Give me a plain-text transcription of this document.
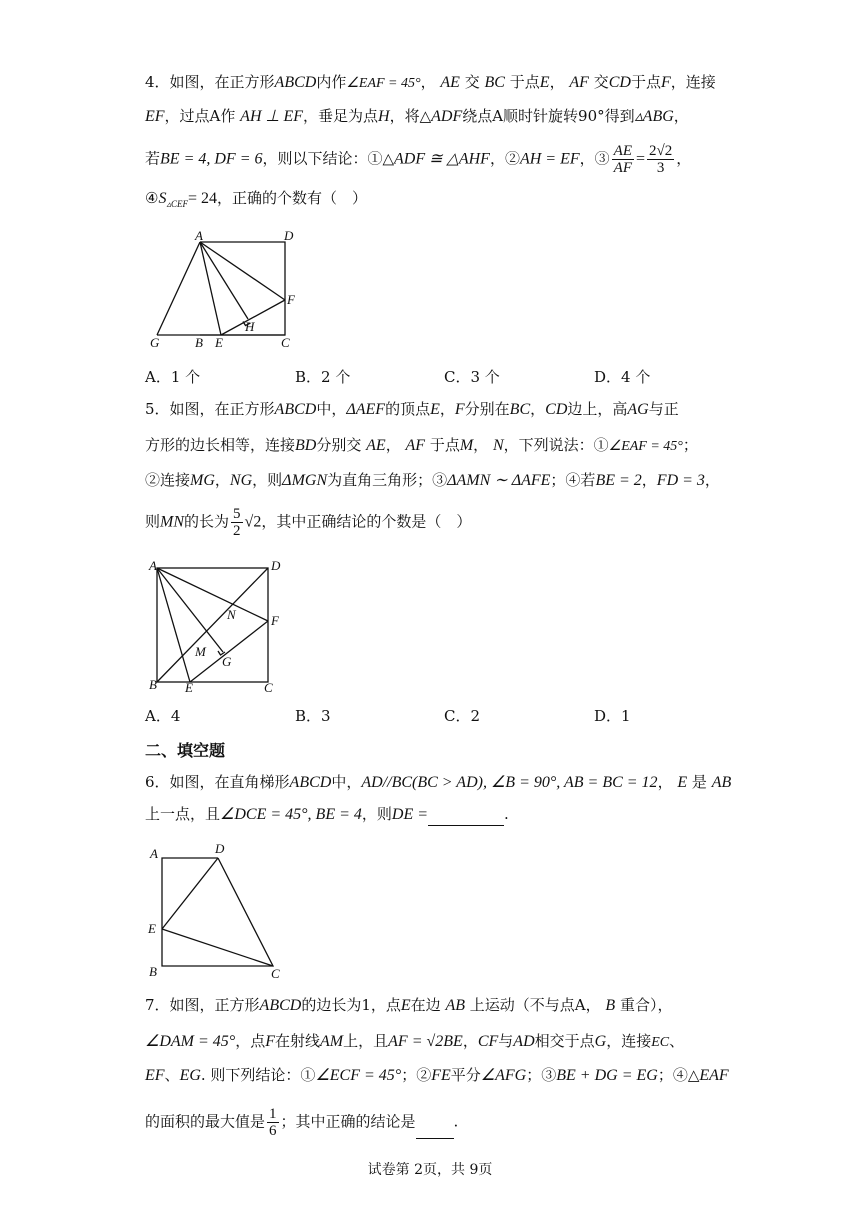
4．如图，在正方形ABCD内作∠EAF = 45°， AE 交 BC 于点E， AF 交CD于点F，连接
EF，过点A作 AH ⊥ EF，垂足为点H，将△ADF绕点A顺时针旋转90°得到▵ABG，
若BE = 4, DF = 6，则以下结论：①△ADF ≅ △AHF，②AH = EF，③ $\frac{AE}{AF} = \frac{2√2}{3}$ ，
$④S_{▵CEF}= 24$，正确的个数有（　）
A	D
F
H
G	B E	C
A．1 个	B．2 个	C．3 个	D．4 个
5．如图，在正方形ABCD中，ΔAEF的顶点E，F分别在BC，CD边上，高AG与正
方形的边长相等，连接BD分别交 AE， AF 于点M， N，下列说法：①∠EAF = 45°；
②连接MG，NG，则ΔMGN为直角三角形；③ΔAMN ∼ ΔAFE；④若BE = 2，FD = 3，
则MN的长为 $\frac{5}{2} √2$，其中正确结论的个数是（　）
A	D
N	F
M
G
B E	C
A．4	B．3	C．2	D．1
二、填空题
6．如图，在直角梯形ABCD中，AD//BC(BC > AD), ∠B = 90°, AB = BC = 12， E 是 AB
上一点，且∠DCE = 45°, BE = 4，则DE =	.
A	D
E
B	C
7．如图，正方形ABCD的边长为1，点E在边 AB 上运动（不与点A， B 重合），
∠DAM = 45°，点F在射线AM上，且AF = √2BE，CF与AD相交于点G，连接EC、
EF、EG. 则下列结论：①∠ECF = 45°；②FE平分∠AFG；③BE + DG = EG；④△EAF
的面积的最大值是 $\frac{1}{6}$ ；其中正确的结论是	.
试卷第 2页，共 9页
